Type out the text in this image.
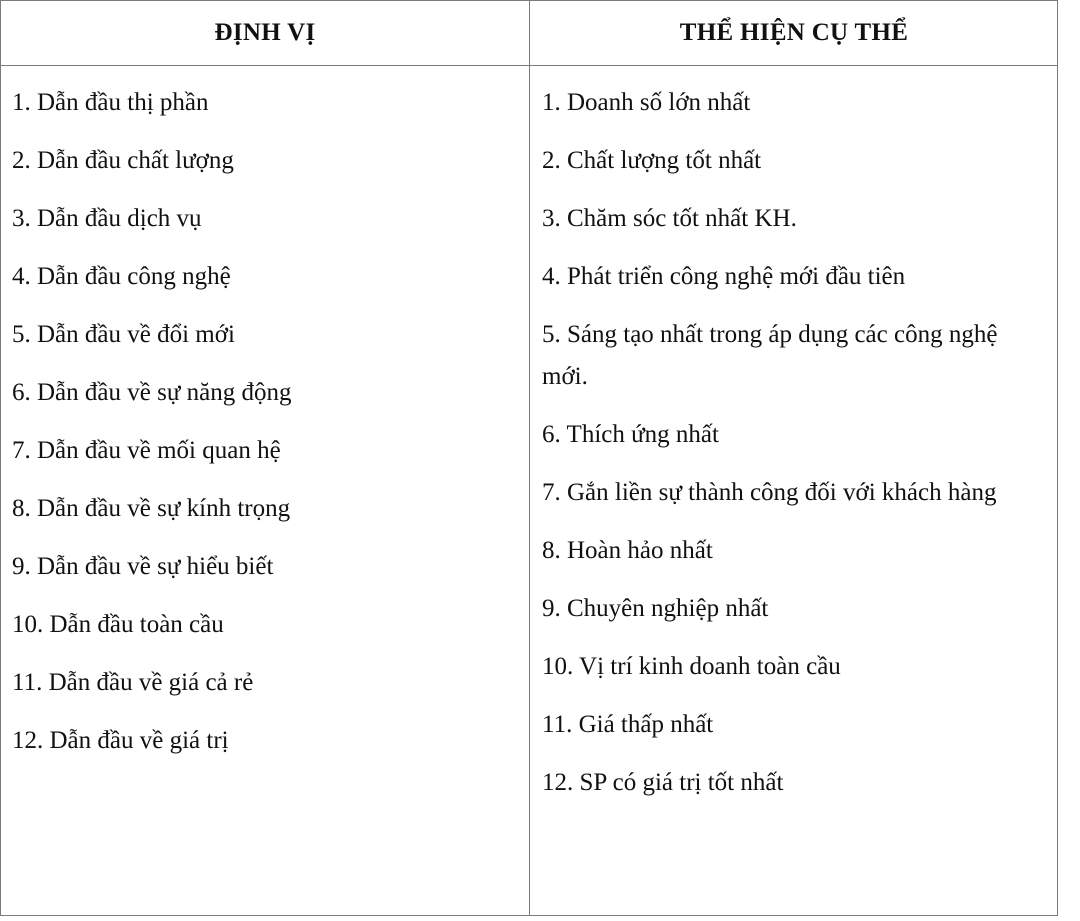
ĐỊNH VỊ	THỂ HIỆN CỤ THỂ

1. Dẫn đầu thị phần

2. Dẫn đầu chất lượng

3. Dẫn đầu dịch vụ

4. Dẫn đầu công nghệ

5. Dẫn đầu về đổi mới

6. Dẫn đầu về sự năng động

7. Dẫn đầu về mối quan hệ

8. Dẫn đầu về sự kính trọng

9. Dẫn đầu về sự hiểu biết

10. Dẫn đầu toàn cầu

11. Dẫn đầu về giá cả rẻ

12. Dẫn đầu về giá trị

1. Doanh số lớn nhất

2. Chất lượng tốt nhất

3. Chăm sóc tốt nhất KH.

4. Phát triển công nghệ mới đầu tiên

5. Sáng tạo nhất trong áp dụng các công nghệ mới.

6. Thích ứng nhất

7. Gắn liền sự thành công đối với khách hàng

8. Hoàn hảo nhất

9. Chuyên nghiệp nhất

10. Vị trí kinh doanh toàn cầu

11. Giá thấp nhất

12. SP có giá trị tốt nhất
